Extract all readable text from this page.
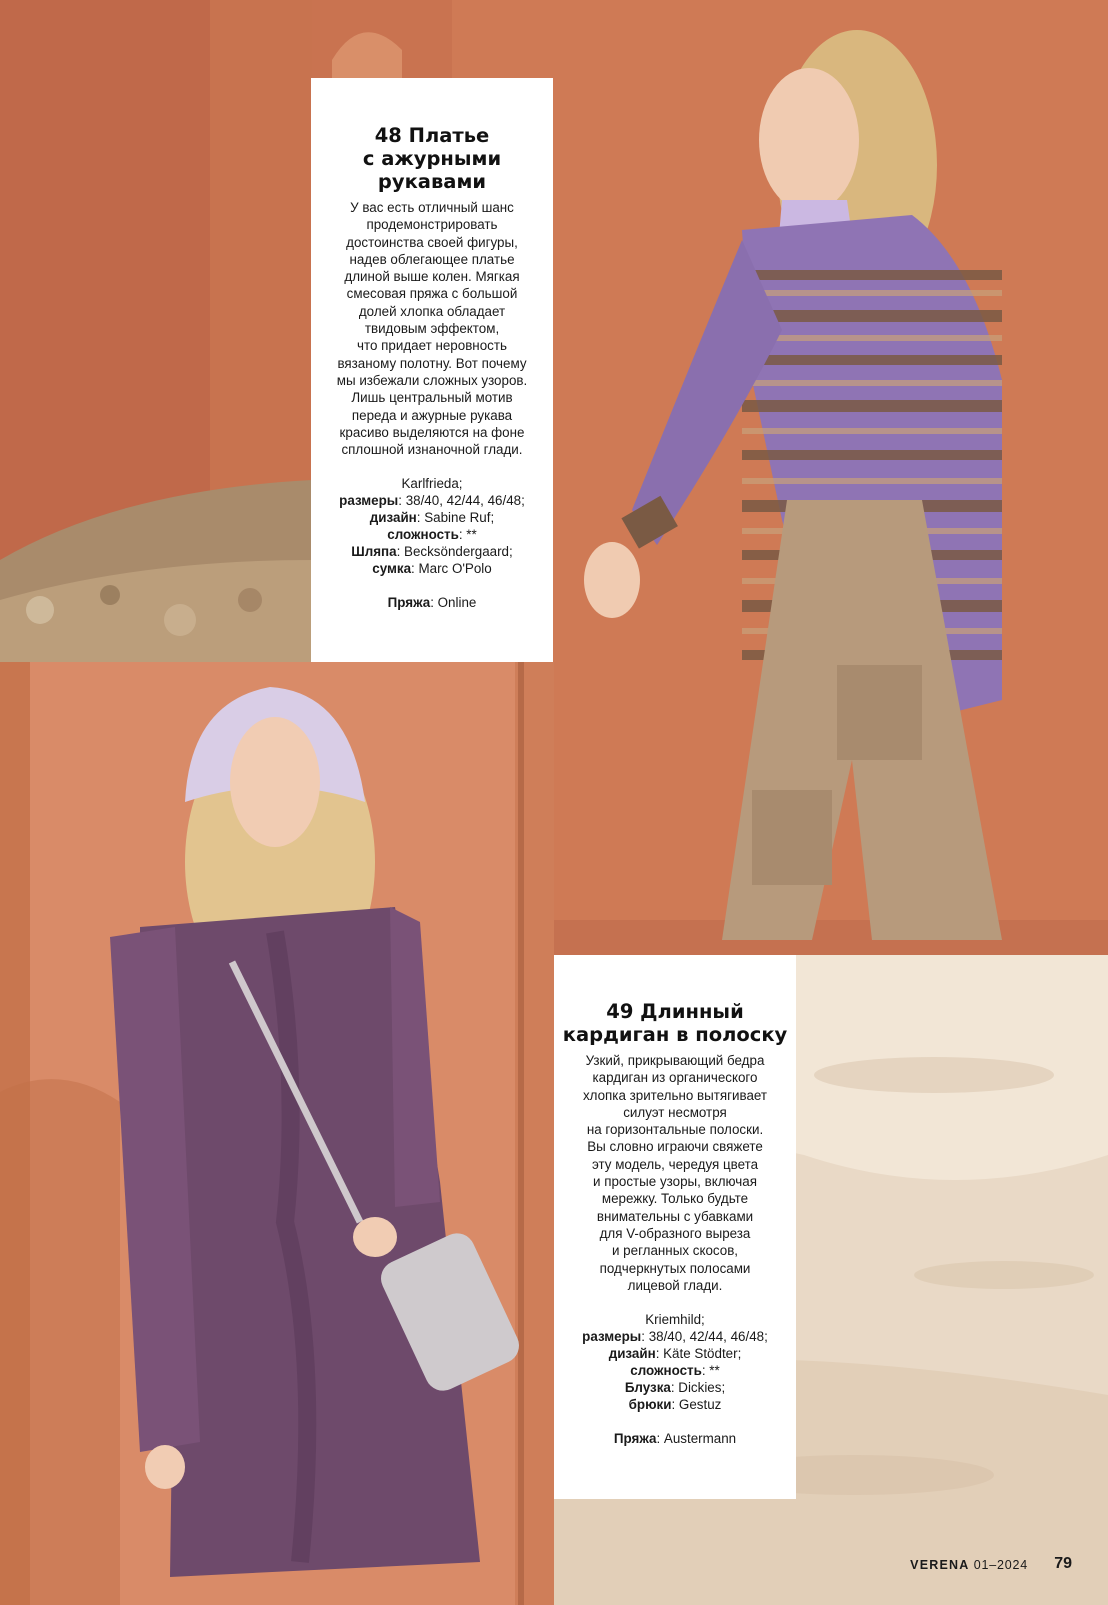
48 Платье
с ажурными
рукавами
У вас есть отличный шанс
продемонстрировать
достоинства своей фигуры,
надев облегающее платье
длиной выше колен. Мягкая
смесовая пряжа с большой
долей хлопка обладает
твидовым эффектом,
что придает неровность
вязаному полотну. Вот почему
мы избежали сложных узоров.
Лишь центральный мотив
переда и ажурные рукава
красиво выделяются на фоне
сплошной изнаночной глади.
Karlfrieda;
размеры: 38/40, 42/44, 46/48;
дизайн: Sabine Ruf;
сложность: **
Шляпа: Becksöndergaard;
сумка: Marc O'Polo
Пряжа: Online
49 Длинный
кардиган в полоску
Узкий, прикрывающий бедра
кардиган из органического
хлопка зрительно вытягивает
силуэт несмотря
на горизонтальные полоски.
Вы словно играючи свяжете
эту модель, чередуя цвета
и простые узоры, включая
мережку. Только будьте
внимательны с убавками
для V-образного выреза
и регланных скосов,
подчеркнутых полосами
лицевой глади.
Kriemhild;
размеры: 38/40, 42/44, 46/48;
дизайн: Käte Stödter;
сложность: **
Блузка: Dickies;
брюки: Gestuz
Пряжа: Austermann
VERENA 01–2024 79
